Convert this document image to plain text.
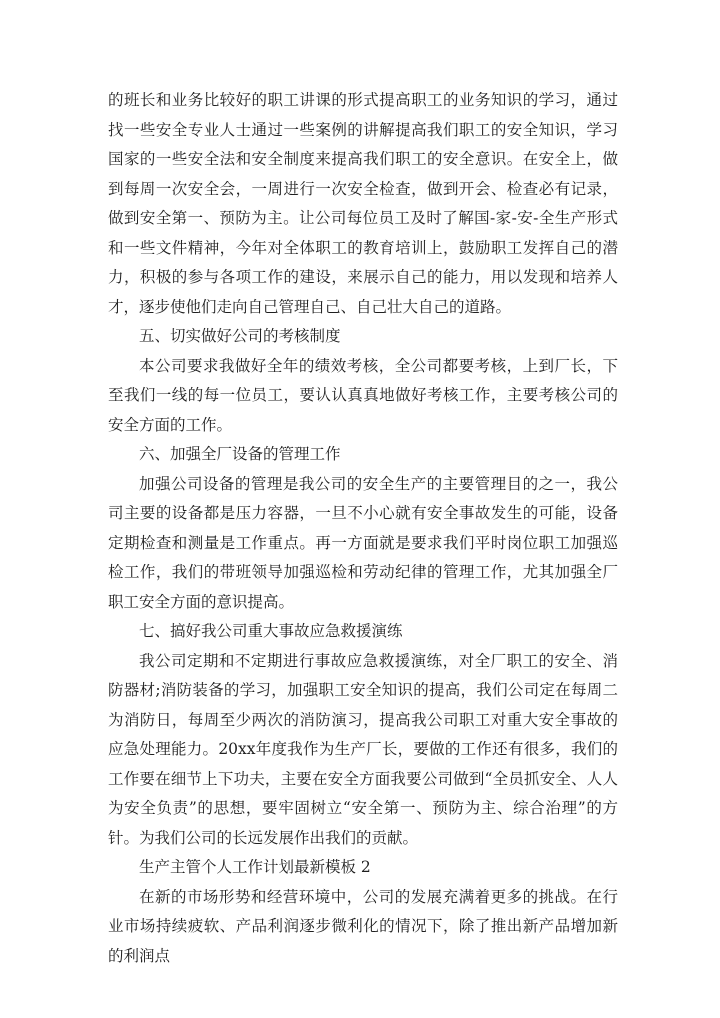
的班长和业务比较好的职工讲课的形式提高职工的业务知识的学习，通过找一些安全专业人士通过一些案例的讲解提高我们职工的安全知识，学习国家的一些安全法和安全制度来提高我们职工的安全意识。在安全上，做到每周一次安全会，一周进行一次安全检查，做到开会、检查必有记录，做到安全第一、预防为主。让公司每位员工及时了解国-家-安-全生产形式和一些文件精神，今年对全体职工的教育培训上，鼓励职工发挥自己的潜力，积极的参与各项工作的建设，来展示自己的能力，用以发现和培养人才，逐步使他们走向自己管理自己、自己壮大自己的道路。

五、切实做好公司的考核制度

本公司要求我做好全年的绩效考核，全公司都要考核，上到厂长，下至我们一线的每一位员工，要认认真真地做好考核工作，主要考核公司的安全方面的工作。

六、加强全厂设备的管理工作

加强公司设备的管理是我公司的安全生产的主要管理目的之一，我公司主要的设备都是压力容器，一旦不小心就有安全事故发生的可能，设备定期检查和测量是工作重点。再一方面就是要求我们平时岗位职工加强巡检工作，我们的带班领导加强巡检和劳动纪律的管理工作，尤其加强全厂职工安全方面的意识提高。

七、搞好我公司重大事故应急救援演练

我公司定期和不定期进行事故应急救援演练，对全厂职工的安全、消防器材;消防装备的学习，加强职工安全知识的提高，我们公司定在每周二为消防日，每周至少两次的消防演习，提高我公司职工对重大安全事故的应急处理能力。20xx年度我作为生产厂长，要做的工作还有很多，我们的工作要在细节上下功夫，主要在安全方面我要公司做到“全员抓安全、人人为安全负责”的思想，要牢固树立“安全第一、预防为主、综合治理”的方针。为我们公司的长远发展作出我们的贡献。

生产主管个人工作计划最新模板 2

在新的市场形势和经营环境中，公司的发展充满着更多的挑战。在行业市场持续疲软、产品利润逐步微利化的情况下，除了推出新产品增加新的利润点
